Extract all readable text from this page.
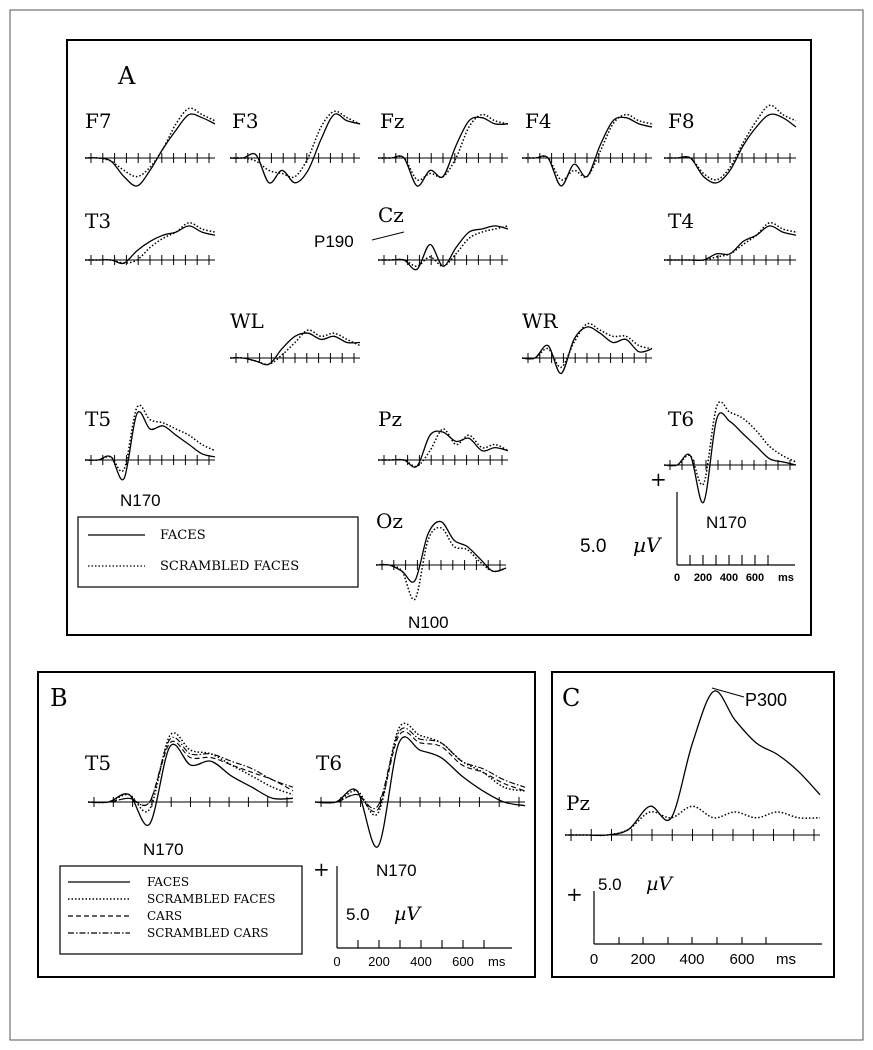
A
F7	F3	Fz	F4	F8
T3	Cz	T4
WL	WR
T5	Pz	T6
Oz
P190
N170
N170
N100
FACES
SCRAMBLED FACES
+
5.0 µV
0 200 400 600 ms
B
T5	T6
N170
N170
FACES
SCRAMBLED FACES
CARS
SCRAMBLED CARS
+
5.0 µV
0 200 400 600 ms
C
Pz
P300
+ 5.0 µV
0 200 400 600 ms
